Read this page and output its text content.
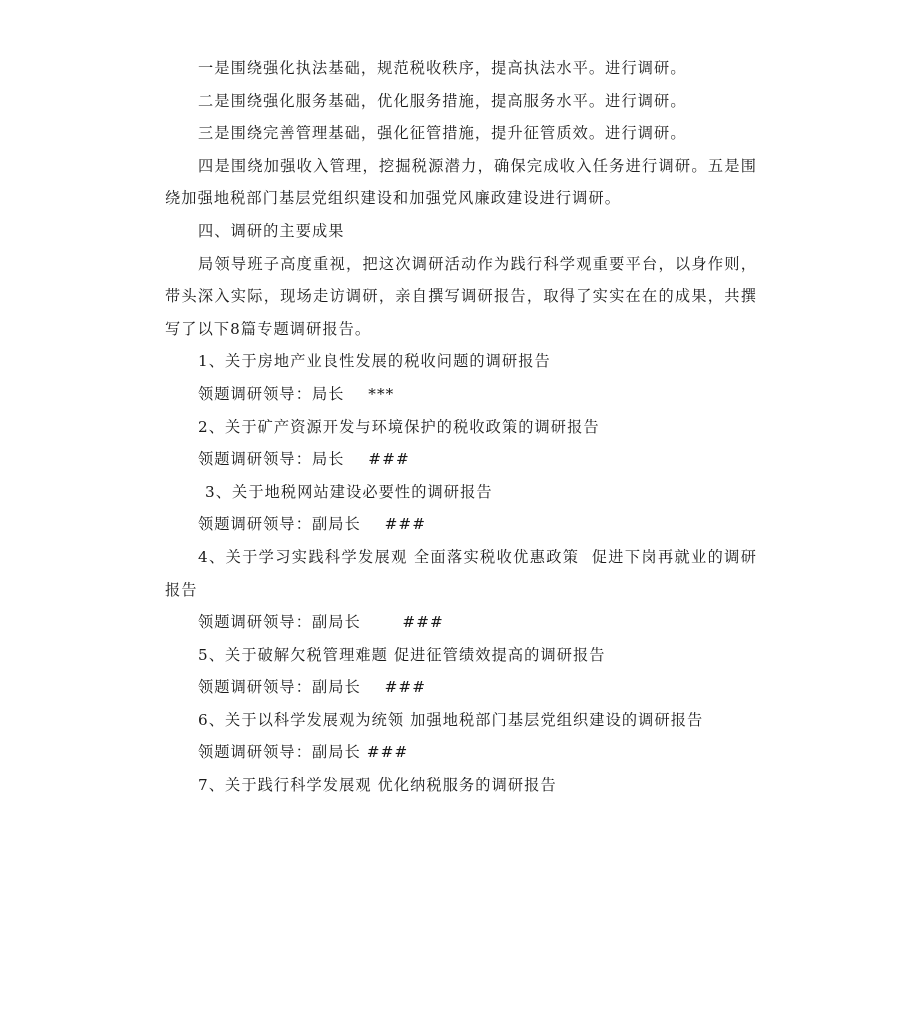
一是围绕强化执法基础，规范税收秩序，提高执法水平。进行调研。

二是围绕强化服务基础，优化服务措施，提高服务水平。进行调研。

三是围绕完善管理基础，强化征管措施，提升征管质效。进行调研。

四是围绕加强收入管理，挖掘税源潜力，确保完成收入任务进行调研。五是围绕加强地税部门基层党组织建设和加强党风廉政建设进行调研。

四、调研的主要成果

局领导班子高度重视，把这次调研活动作为践行科学观重要平台，以身作则，带头深入实际，现场走访调研，亲自撰写调研报告，取得了实实在在的成果，共撰写了以下8篇专题调研报告。

1、关于房地产业良性发展的税收问题的调研报告

领题调研领导：局长    ***

2、关于矿产资源开发与环境保护的税收政策的调研报告

领题调研领导：局长    ###

3、关于地税网站建设必要性的调研报告

领题调研领导：副局长    ###

4、关于学习实践科学发展观 全面落实税收优惠政策  促进下岗再就业的调研报告

领题调研领导：副局长       ###

5、关于破解欠税管理难题 促进征管绩效提高的调研报告

领题调研领导：副局长    ###

6、关于以科学发展观为统领 加强地税部门基层党组织建设的调研报告

领题调研领导：副局长 ###

7、关于践行科学发展观 优化纳税服务的调研报告
